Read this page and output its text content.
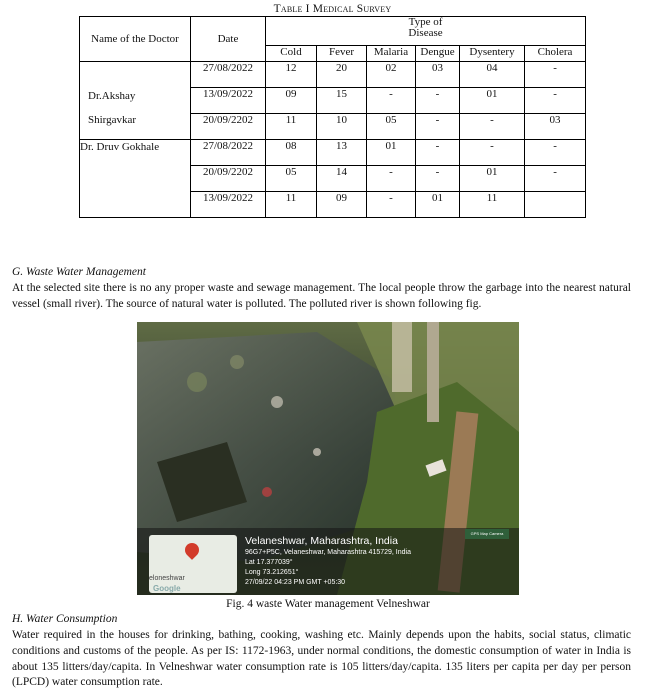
Table I Medical Survey
Name of the Doctor	Date	Type of
Disease					
		Cold	Fever	Malaria	Dengue	Dysentery	Cholera

Dr.Akshay
Shirgavkar	27/08/2022	12	20	02	03	04	-
	13/09/2022	09	15	-	-	01	-
	20/09/2202	11	10	05	-	-	03

Dr. Druv Gokhale	27/08/2022	08	13	01	-	-	-
	20/09/2202	05	14	-	-	01	-
	13/09/2022	11	09	-	01	11	
G. Waste Water Management
At the selected site there is no any proper waste and sewage management. The local people throw the garbage into the nearest natural vessel (small river). The source of natural water is polluted. The polluted river is shown following fig.
eloneshwar
Google
GPS Map Camera
Velaneshwar, Maharashtra, India
96G7+P5C, Velaneshwar, Maharashtra 415729, India
Lat 17.377039°
Long 73.212651°
27/09/22 04:23 PM GMT +05:30
Fig. 4 waste Water management Velneshwar
H. Water Consumption
Water required in the houses for drinking, bathing, cooking, washing etc. Mainly depends upon the habits, social status, climatic conditions and customs of the people. As per IS: 1172-1963, under normal conditions, the domestic consumption of water in India is about 135 litters/day/capita. In Velneshwar water consumption rate is 105 litters/day/capita. 135 liters per capita per day per person (LPCD) water consumption rate.
